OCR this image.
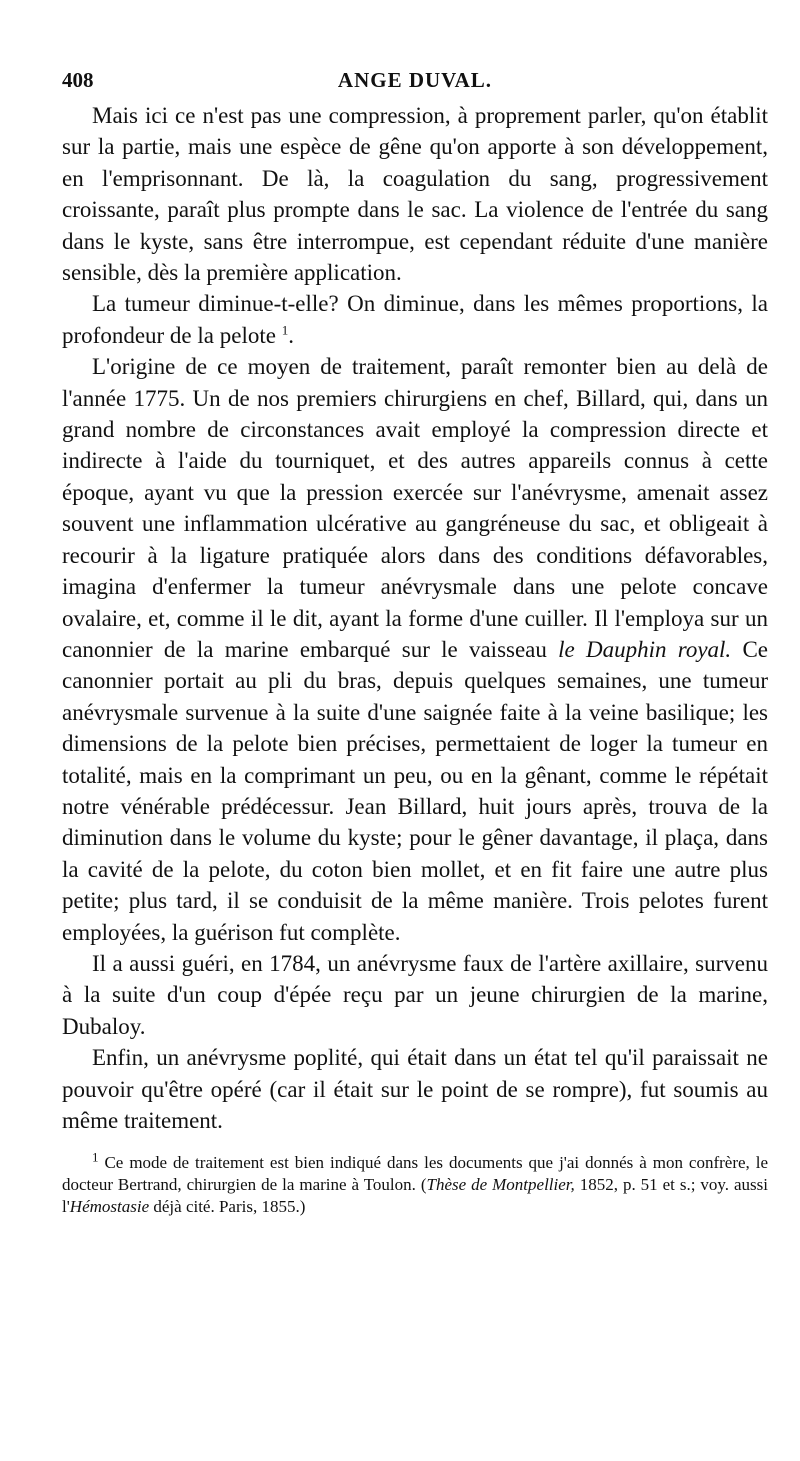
408	ANGE DUVAL.

Mais ici ce n'est pas une compression, à proprement parler, qu'on établit sur la partie, mais une espèce de gêne qu'on apporte à son développement, en l'emprisonnant. De là, la coagulation du sang, progressivement croissante, paraît plus prompte dans le sac. La violence de l'entrée du sang dans le kyste, sans être interrompue, est cependant réduite d'une manière sensible, dès la première application.

La tumeur diminue-t-elle? On diminue, dans les mêmes proportions, la profondeur de la pelote $^1$.

L'origine de ce moyen de traitement, paraît remonter bien au delà de l'année 1775. Un de nos premiers chirurgiens en chef, Billard, qui, dans un grand nombre de circonstances avait employé la compression directe et indirecte à l'aide du tourniquet, et des autres appareils connus à cette époque, ayant vu que la pression exercée sur l'anévrysme, amenait assez souvent une inflammation ulcérative au gangréneuse du sac, et obligeait à recourir à la ligature pratiquée alors dans des conditions défavorables, imagina d'enfermer la tumeur anévrysmale dans une pelote concave ovalaire, et, comme il le dit, ayant la forme d'une cuiller. Il l'employa sur un canonnier de la marine embarqué sur le vaisseau le Dauphin royal. Ce canonnier portait au pli du bras, depuis quelques semaines, une tumeur anévrysmale survenue à la suite d'une saignée faite à la veine basilique; les dimensions de la pelote bien précises, permettaient de loger la tumeur en totalité, mais en la comprimant un peu, ou en la gênant, comme le répétait notre vénérable prédécessur. Jean Billard, huit jours après, trouva de la diminution dans le volume du kyste; pour le gêner davantage, il plaça, dans la cavité de la pelote, du coton bien mollet, et en fit faire une autre plus petite; plus tard, il se conduisit de la même manière. Trois pelotes furent employées, la guérison fut complète.

Il a aussi guéri, en 1784, un anévrysme faux de l'artère axillaire, survenu à la suite d'un coup d'épée reçu par un jeune chirurgien de la marine, Dubaloy.

Enfin, un anévrysme poplité, qui était dans un état tel qu'il paraissait ne pouvoir qu'être opéré (car il était sur le point de se rompre), fut soumis au même traitement.

$^1$ Ce mode de traitement est bien indiqué dans les documents que j'ai donnés à mon confrère, le docteur Bertrand, chirurgien de la marine à Toulon. (Thèse de Montpellier, 1852, p. 51 et s.; voy. aussi l'Hémostasie déjà cité. Paris, 1855.)
